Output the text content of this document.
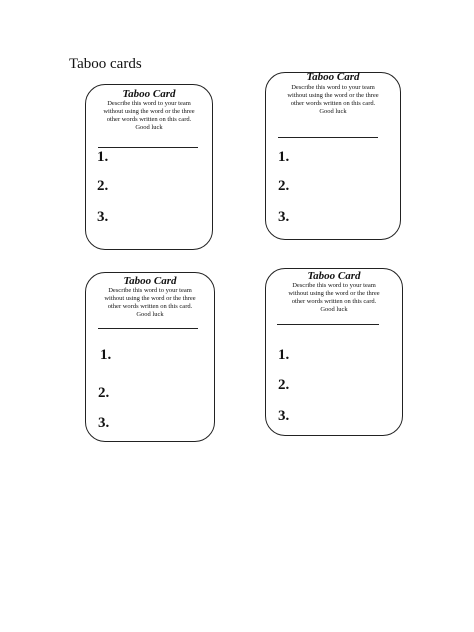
Taboo cards
Taboo Card
Describe this word to your team
without using the word or the three
other words written on this card.
Good luck
1.
2.
3.
Taboo Card
Describe this word to your team
without using the word or the three
other words written on this card.
Good luck
1.
2.
3.
Taboo Card
Describe this word to your team
without using the word or the three
other words written on this card.
Good luck
1.
2.
3.
Taboo Card
Describe this word to your team
without using the word or the three
other words written on this card.
Good luck
1.
2.
3.
